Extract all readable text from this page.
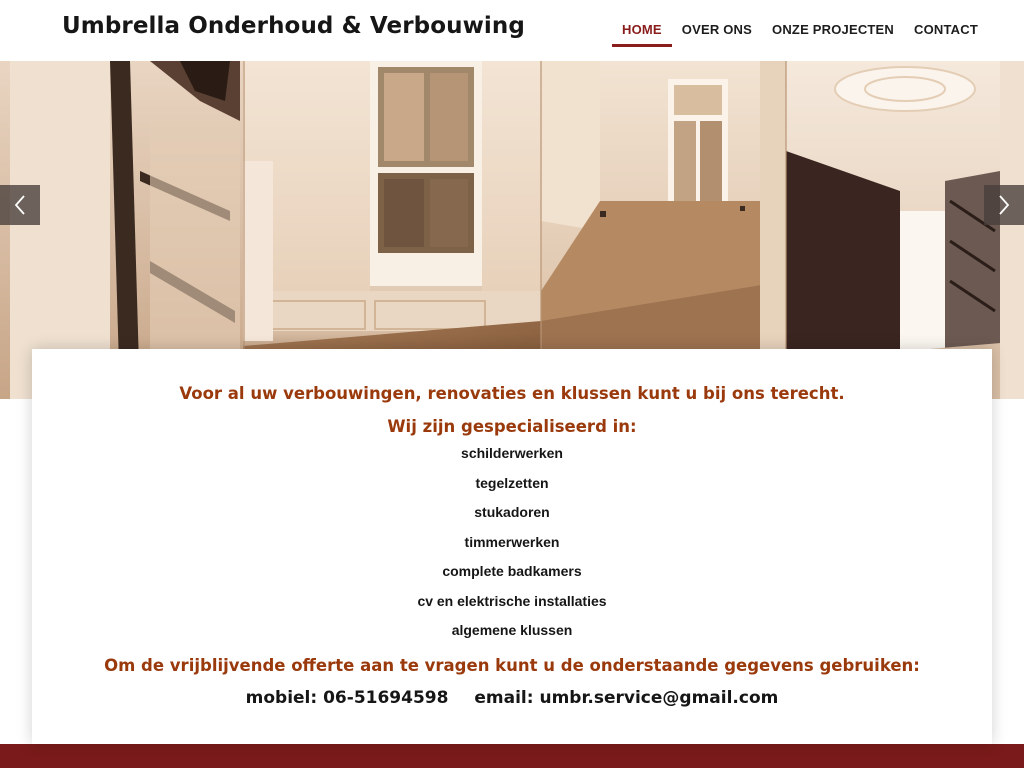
Umbrella Onderhoud & Verbouwing	HOME	OVER ONS	ONZE PROJECTEN	CONTACT
Voor al uw verbouwingen, renovaties en klussen kunt u bij ons terecht.
Wij zijn gespecialiseerd in:
schilderwerken
tegelzetten
stukadoren
timmerwerken
complete badkamers
cv en elektrische installaties
algemene klussen
Om de vrijblijvende offerte aan te vragen kunt u de onderstaande gegevens gebruiken:
mobiel: 06-51694598 email: umbr.service@gmail.com
